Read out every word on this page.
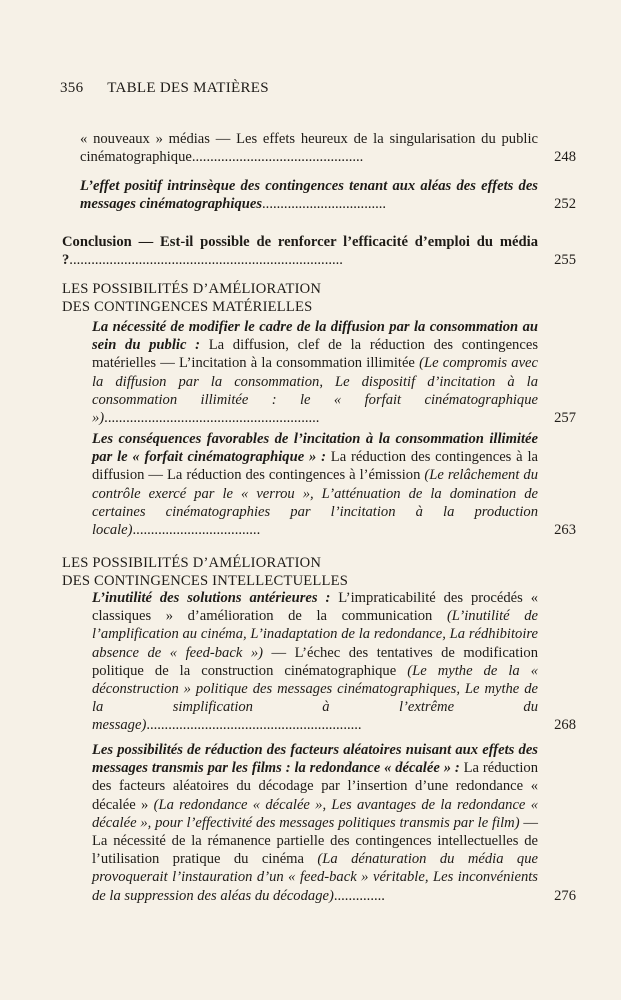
356 TABLE DES MATIÈRES
« nouveaux » médias — Les effets heureux de la singularisation du public cinématographique...............................................	248
L’effet positif intrinsèque des contingences tenant aux aléas des effets des messages cinématographiques..................................	252
Conclusion — Est-il possible de renforcer l’efficacité d’emploi du média ?...........................................................................	255
LES POSSIBILITÉS D’AMÉLIORATION
DES CONTINGENCES MATÉRIELLES
La nécessité de modifier le cadre de la diffusion par la consommation au sein du public : La diffusion, clef de la réduction des contingences matérielles — L’incitation à la consommation illimitée (Le compromis avec la diffusion par la consommation, Le dispositif d’incitation à la consommation illimitée : le « forfait cinématographique »)...........................................................	257
Les conséquences favorables de l’incitation à la consommation illimitée par le « forfait cinématographique » : La réduction des contingences à la diffusion — La réduction des contingences à l’émission (Le relâchement du contrôle exercé par le « verrou », L’atténuation de la domination de certaines cinématographies par l’incitation à la production locale)...................................	263
LES POSSIBILITÉS D’AMÉLIORATION
DES CONTINGENCES INTELLECTUELLES
L’inutilité des solutions antérieures : L’impraticabilité des procédés « classiques » d’amélioration de la communication (L’inutilité de l’amplification au cinéma, L’inadaptation de la redondance, La rédhibitoire absence de « feed-back ») — L’échec des tentatives de modification politique de la construction cinématographique (Le mythe de la « déconstruction » politique des messages cinématographiques, Le mythe de la simplification à l’extrême du message)...........................................................	268
Les possibilités de réduction des facteurs aléatoires nuisant aux effets des messages transmis par les films : la redondance « décalée » : La réduction des facteurs aléatoires du décodage par l’insertion d’une redondance « décalée » (La redondance « décalée », Les avantages de la redondance « décalée », pour l’effectivité des messages politiques transmis par le film) — La nécessité de la rémanence partielle des contingences intellectuelles de l’utilisation pratique du cinéma (La dénaturation du média que provoquerait l’instauration d’un « feed-back » véritable, Les inconvénients de la suppression des aléas du décodage)..............	276
